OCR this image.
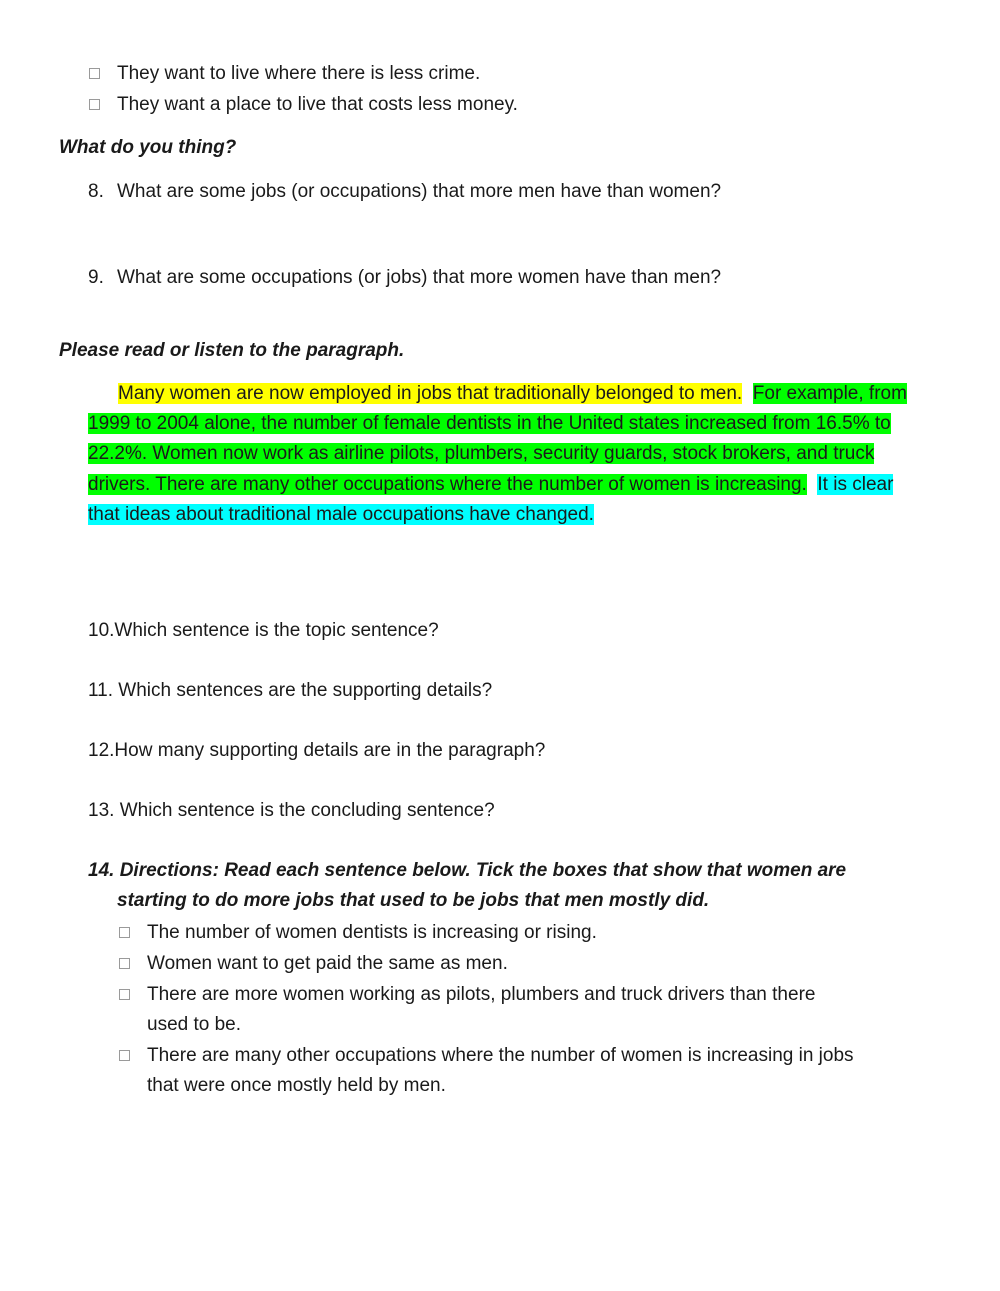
They want to live where there is less crime.
They want a place to live that costs less money.
What do you thing?
8. What are some jobs (or occupations) that more men have than women?
9. What are some occupations (or jobs) that more women have than men?
Please read or listen to the paragraph.
Many women are now employed in jobs that traditionally belonged to men. For example, from 1999 to 2004 alone, the number of female dentists in the United states increased from 16.5% to 22.2%. Women now work as airline pilots, plumbers, security guards, stock brokers, and truck drivers. There are many other occupations where the number of women is increasing. It is clear that ideas about traditional male occupations have changed.
10.Which sentence is the topic sentence?
11. Which sentences are the supporting details?
12.How many supporting details are in the paragraph?
13. Which sentence is the concluding sentence?
14. Directions: Read each sentence below. Tick the boxes that show that women are
starting to do more jobs that used to be jobs that men mostly did.
The number of women dentists is increasing or rising.
Women want to get paid the same as men.
There are more women working as pilots, plumbers and truck drivers than there
used to be.
There are many other occupations where the number of women is increasing in jobs
that were once mostly held by men.
